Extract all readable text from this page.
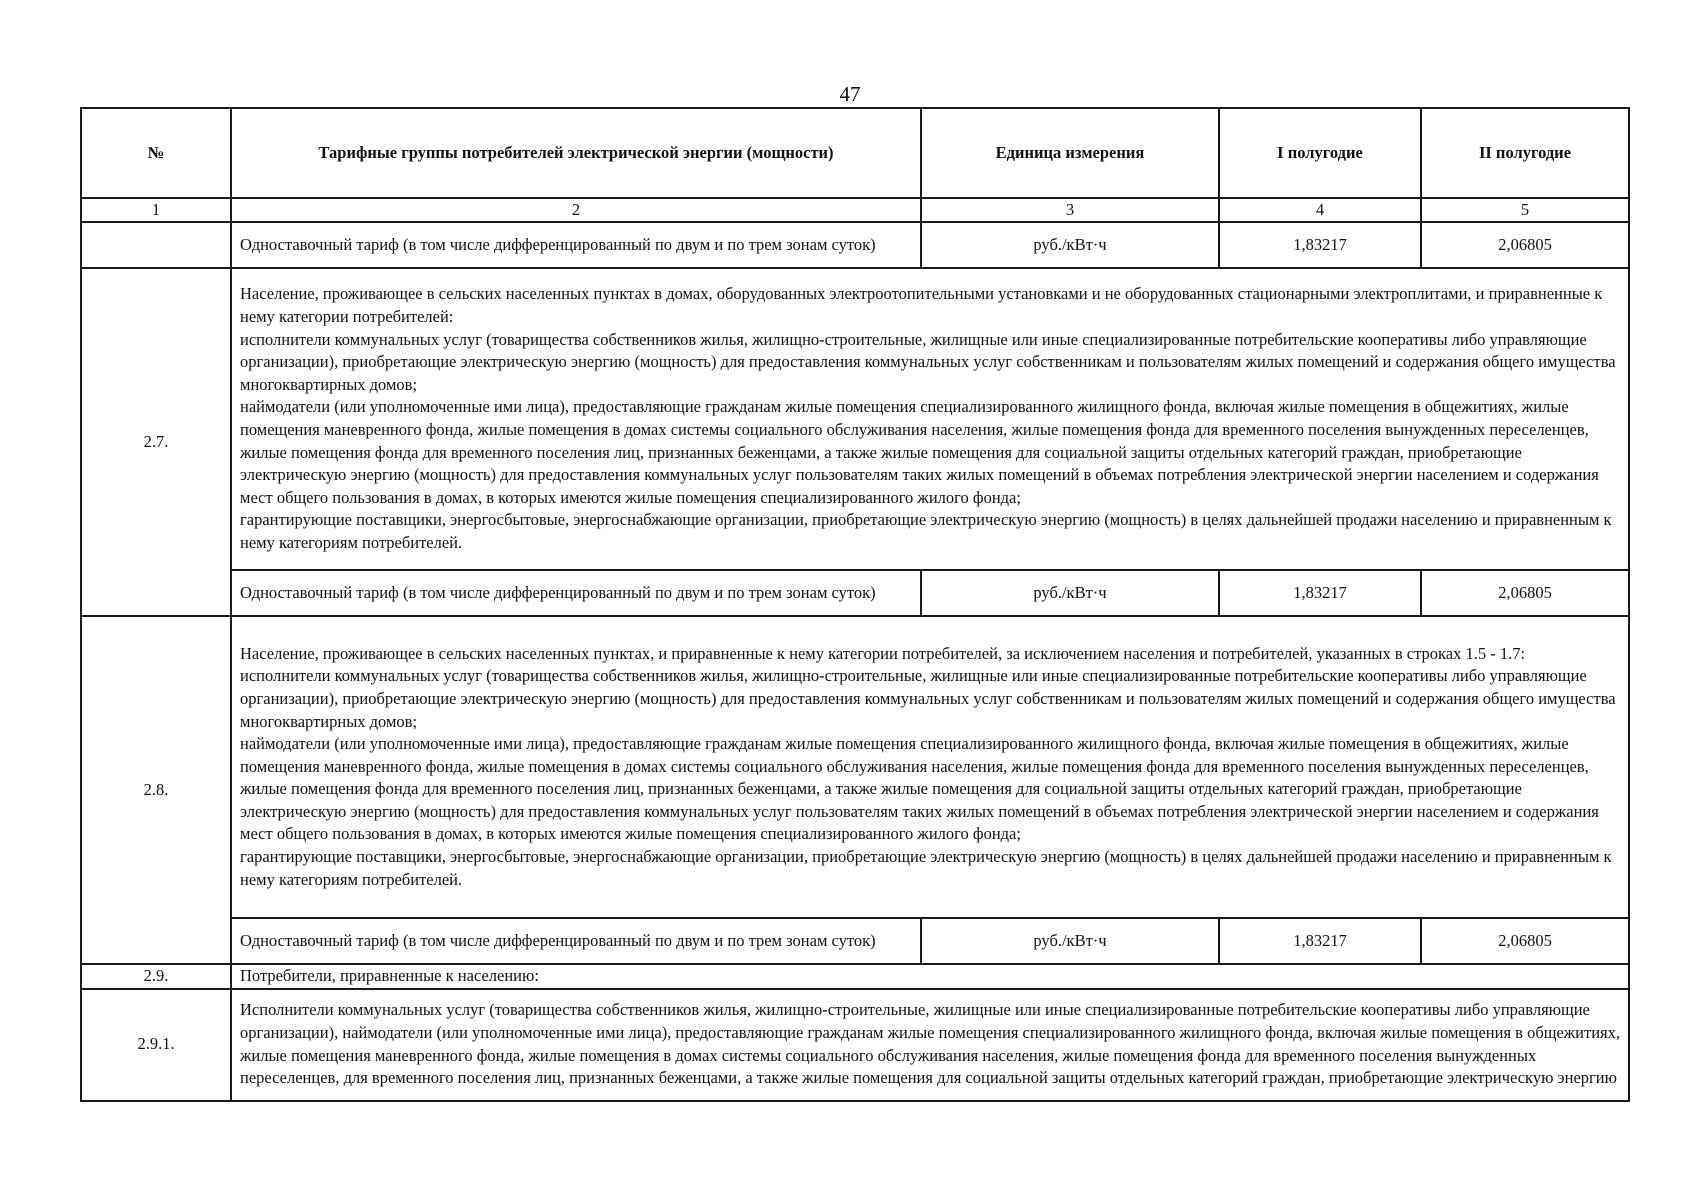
47
№	Тарифные группы потребителей электрической энергии (мощности)	Единица измерения	I полугодие	II полугодие
1	2	3	4	5
	Одноставочный тариф (в том числе дифференцированный по двум и по трем зонам суток)	руб./кВт·ч	1,83217	2,06805
2.7.	Население, проживающее в сельских населенных пунктах в домах, оборудованных электроотопительными установками и не оборудованных стационарными электроплитами, и приравненные к нему категории потребителей:
исполнители коммунальных услуг (товарищества собственников жилья, жилищно-строительные, жилищные или иные специализированные потребительские кооперативы либо управляющие организации), приобретающие электрическую энергию (мощность) для предоставления коммунальных услуг собственникам и пользователям жилых помещений и содержания общего имущества многоквартирных домов;
наймодатели (или уполномоченные ими лица), предоставляющие гражданам жилые помещения специализированного жилищного фонда, включая жилые помещения в общежитиях, жилые помещения маневренного фонда, жилые помещения в домах системы социального обслуживания населения, жилые помещения фонда для временного поселения вынужденных переселенцев, жилые помещения фонда для временного поселения лиц, признанных беженцами, а также жилые помещения для социальной защиты отдельных категорий граждан, приобретающие электрическую энергию (мощность) для предоставления коммунальных услуг пользователям таких жилых помещений в объемах потребления электрической энергии населением и содержания мест общего пользования в домах, в которых имеются жилые помещения специализированного жилого фонда;
гарантирующие поставщики, энергосбытовые, энергоснабжающие организации, приобретающие электрическую энергию (мощность) в целях дальнейшей продажи населению и приравненным к нему категориям потребителей.			

	Одноставочный тариф (в том числе дифференцированный по двум и по трем зонам суток)	руб./кВт·ч	1,83217	2,06805
2.8.	Население, проживающее в сельских населенных пунктах, и приравненные к нему категории потребителей, за исключением населения и потребителей, указанных в строках 1.5 - 1.7:
исполнители коммунальных услуг (товарищества собственников жилья, жилищно-строительные, жилищные или иные специализированные потребительские кооперативы либо управляющие организации), приобретающие электрическую энергию (мощность) для предоставления коммунальных услуг собственникам и пользователям жилых помещений и содержания общего имущества многоквартирных домов;
наймодатели (или уполномоченные ими лица), предоставляющие гражданам жилые помещения специализированного жилищного фонда, включая жилые помещения в общежитиях, жилые помещения маневренного фонда, жилые помещения в домах системы социального обслуживания населения, жилые помещения фонда для временного поселения вынужденных переселенцев, жилые помещения фонда для временного поселения лиц, признанных беженцами, а также жилые помещения для социальной защиты отдельных категорий граждан, приобретающие электрическую энергию (мощность) для предоставления коммунальных услуг пользователям таких жилых помещений в объемах потребления электрической энергии населением и содержания мест общего пользования в домах, в которых имеются жилые помещения специализированного жилого фонда;
гарантирующие поставщики, энергосбытовые, энергоснабжающие организации, приобретающие электрическую энергию (мощность) в целях дальнейшей продажи населению и приравненным к нему категориям потребителей.			

	Одноставочный тариф (в том числе дифференцированный по двум и по трем зонам суток)	руб./кВт·ч	1,83217	2,06805
2.9.	Потребители, приравненные к населению:			
2.9.1.	Исполнители коммунальных услуг (товарищества собственников жилья, жилищно-строительные, жилищные или иные специализированные потребительские кооперативы либо управляющие организации), наймодатели (или уполномоченные ими лица), предоставляющие гражданам жилые помещения специализированного жилищного фонда, включая жилые помещения в общежитиях, жилые помещения маневренного фонда, жилые помещения в домах системы социального обслуживания населения, жилые помещения фонда для временного поселения вынужденных переселенцев, для временного поселения лиц, признанных беженцами, а также жилые помещения для социальной защиты отдельных категорий граждан, приобретающие электрическую энергию			
